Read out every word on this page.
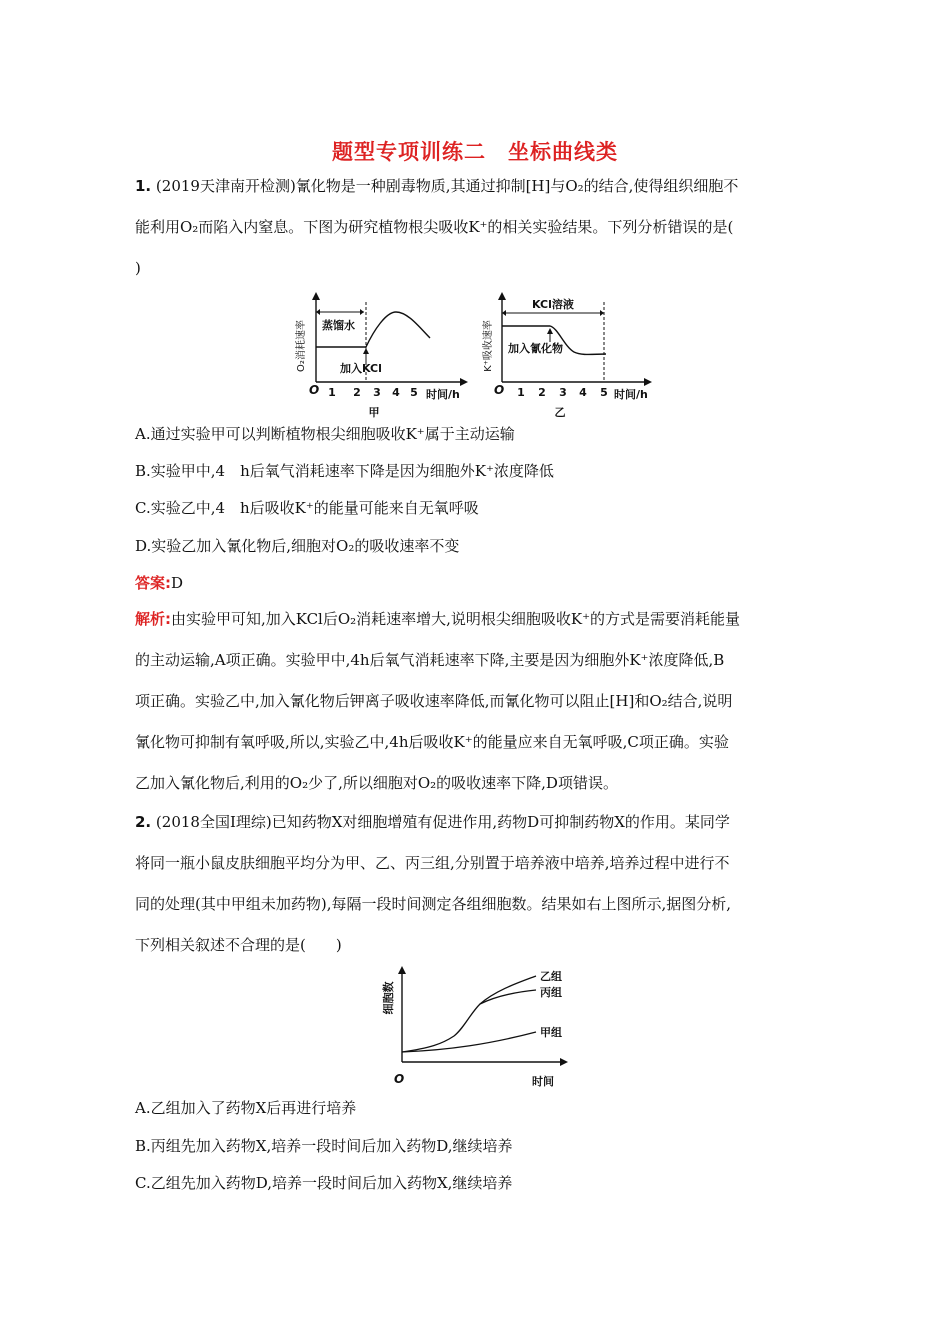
题型专项训练二　坐标曲线类
1. (2019天津南开检测)氰化物是一种剧毒物质,其通过抑制[H]与O₂的结合,使得组织细胞不
能利用O₂而陷入内窒息。下图为研究植物根尖吸收K⁺的相关实验结果。下列分析错误的是(
)
O₂消耗速率
O
蒸馏水
加入KCl
1 2 3 4 5 时间/h
甲
K⁺吸收速率
O
KCl溶液
加入氰化物
1 2 3 4 5 时间/h
乙
A.通过实验甲可以判断植物根尖细胞吸收K⁺属于主动运输
B.实验甲中,4　h后氧气消耗速率下降是因为细胞外K⁺浓度降低
C.实验乙中,4　h后吸收K⁺的能量可能来自无氧呼吸
D.实验乙加入氰化物后,细胞对O₂的吸收速率不变
答案:D
解析:由实验甲可知,加入KCl后O₂消耗速率增大,说明根尖细胞吸收K⁺的方式是需要消耗能量
的主动运输,A项正确。实验甲中,4h后氧气消耗速率下降,主要是因为细胞外K⁺浓度降低,B
项正确。实验乙中,加入氰化物后钾离子吸收速率降低,而氰化物可以阻止[H]和O₂结合,说明
氰化物可抑制有氧呼吸,所以,实验乙中,4h后吸收K⁺的能量应来自无氧呼吸,C项正确。实验
乙加入氰化物后,利用的O₂少了,所以细胞对O₂的吸收速率下降,D项错误。
2. (2018全国Ⅰ理综)已知药物X对细胞增殖有促进作用,药物D可抑制药物X的作用。某同学
将同一瓶小鼠皮肤细胞平均分为甲、乙、丙三组,分别置于培养液中培养,培养过程中进行不
同的处理(其中甲组未加药物),每隔一段时间测定各组细胞数。结果如右上图所示,据图分析,
下列相关叙述不合理的是(　　)
细胞数
O	时间
乙组
丙组
甲组
A.乙组加入了药物X后再进行培养
B.丙组先加入药物X,培养一段时间后加入药物D,继续培养
C.乙组先加入药物D,培养一段时间后加入药物X,继续培养
